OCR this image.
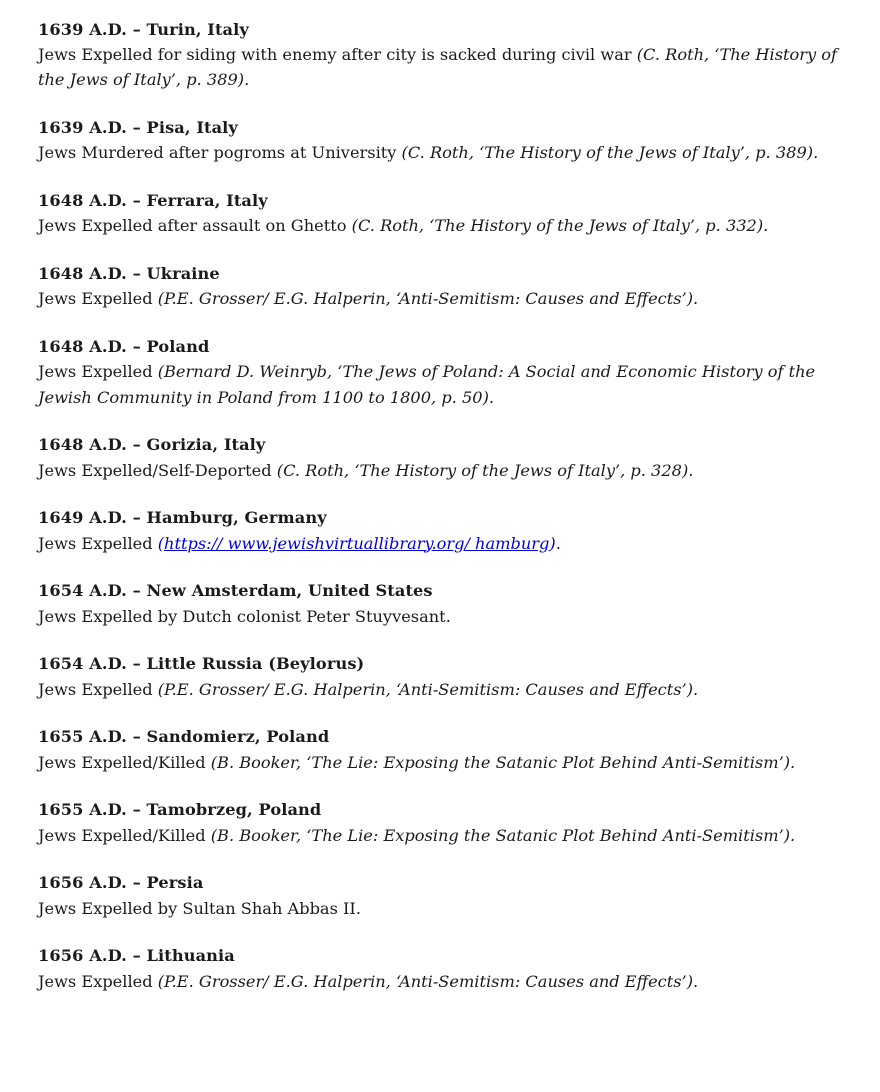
1639 A.D. – Turin, Italy

Jews Expelled for siding with enemy after city is sacked during civil war (C. Roth, ‘The History of the Jews of Italy’, p. 389).

1639 A.D. – Pisa, Italy

Jews Murdered after pogroms at University (C. Roth, ‘The History of the Jews of Italy’, p. 389).

1648 A.D. – Ferrara, Italy

Jews Expelled after assault on Ghetto (C. Roth, ‘The History of the Jews of Italy’, p. 332).

1648 A.D. – Ukraine

Jews Expelled (P.E. Grosser/ E.G. Halperin, ‘Anti-Semitism: Causes and Effects’).

1648 A.D. – Poland

Jews Expelled (Bernard D. Weinryb, ‘The Jews of Poland: A Social and Economic History of the Jewish Community in Poland from 1100 to 1800, p. 50).

1648 A.D. – Gorizia, Italy

Jews Expelled/Self-Deported (C. Roth, ‘The History of the Jews of Italy’, p. 328).

1649 A.D. – Hamburg, Germany

Jews Expelled (https:// www.jewishvirtuallibrary.org/ hamburg).

1654 A.D. – New Amsterdam, United States

Jews Expelled by Dutch colonist Peter Stuyvesant.

1654 A.D. – Little Russia (Beylorus)

Jews Expelled (P.E. Grosser/ E.G. Halperin, ‘Anti-Semitism: Causes and Effects’).

1655 A.D. – Sandomierz, Poland

Jews Expelled/Killed (B. Booker, ‘The Lie: Exposing the Satanic Plot Behind Anti-Semitism’).

1655 A.D. – Tamobrzeg, Poland

Jews Expelled/Killed (B. Booker, ‘The Lie: Exposing the Satanic Plot Behind Anti-Semitism’).

1656 A.D. – Persia

Jews Expelled by Sultan Shah Abbas II.

1656 A.D. – Lithuania

Jews Expelled (P.E. Grosser/ E.G. Halperin, ‘Anti-Semitism: Causes and Effects’).
